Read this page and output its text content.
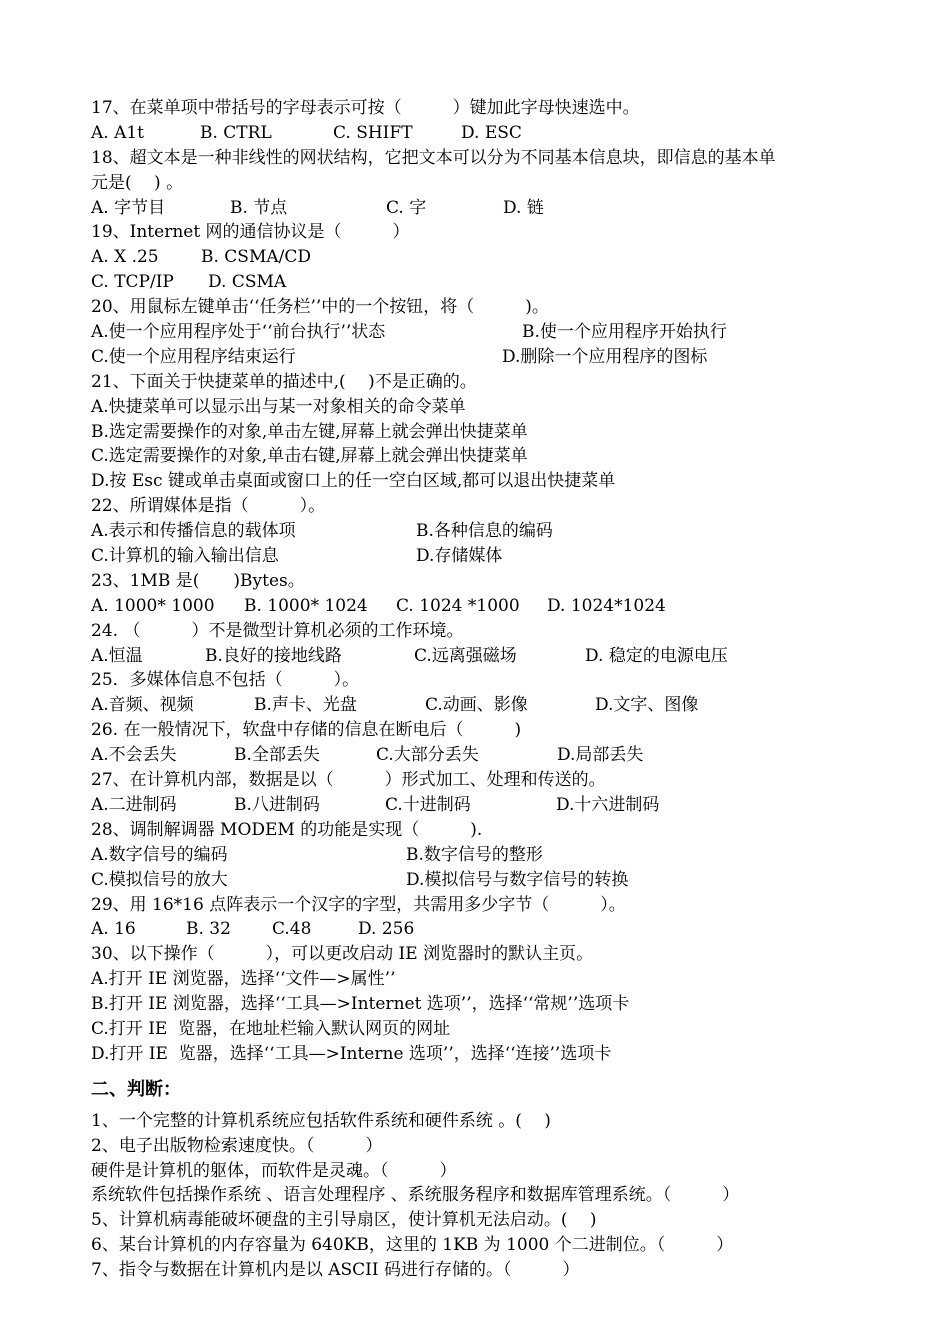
17、在菜单项中带括号的字母表示可按（　　　）键加此字母快速选中。
A. A1t	B. CTRL	C. SHIFT	D. ESC
18、超文本是一种非线性的网状结构，它把文本可以分为不同基本信息块，即信息的基本单
元是(　 ) 。
A. 字节目	B. 节点	C. 字	D. 链
19、Internet 网的通信协议是（　　　）
A. X .25	B. CSMA/CD
C. TCP/IP	D. CSMA
20、用鼠标左键单击‘‘任务栏’’中的一个按钮，将（　　　)。
A.使一个应用程序处于‘‘前台执行’’状态	B.使一个应用程序开始执行
C.使一个应用程序结束运行	D.删除一个应用程序的图标
21、下面关于快捷菜单的描述中,(　 )不是正确的。
A.快捷菜单可以显示出与某一对象相关的命令菜单
B.选定需要操作的对象,单击左键,屏幕上就会弹出快捷菜单
C.选定需要操作的对象,单击右键,屏幕上就会弹出快捷菜单
D.按 Esc 键或单击桌面或窗口上的任一空白区域,都可以退出快捷菜单
22、所谓媒体是指（　　　）。
A.表示和传播信息的载体项	B.各种信息的编码
C.计算机的输入输出信息	D.存储媒体
23、1MB 是(　　)Bytes。
A. 1000* 1000	B. 1000* 1024	C. 1024 *1000	D. 1024*1024
24. （　　　）不是微型计算机必须的工作环境。
A.恒温	B.良好的接地线路	C.远离强磁场	D. 稳定的电源电压
25．多媒体信息不包括（　　　）。
A.音频、视频	B.声卡、光盘	C.动画、影像	D.文字、图像
26. 在一般情况下，软盘中存储的信息在断电后（　　　)
A.不会丢失	B.全部丢失	C.大部分丢失	D.局部丢失
27、在计算机内部，数据是以（　　　）形式加工、处理和传送的。
A.二进制码	B.八进制码	C.十进制码	D.十六进制码
28、调制解调器 MODEM 的功能是实现（　　　).
A.数字信号的编码	B.数字信号的整形
C.模拟信号的放大	D.模拟信号与数字信号的转换
29、用 16*16 点阵表示一个汉字的字型，共需用多少字节（　　　）。
A. 16	B. 32	C.48	D. 256
30、以下操作（　　　），可以更改启动 IE 浏览器时的默认主页。
A.打开 IE 浏览器，选择‘‘文件—>属性’’
B.打开 IE 浏览器，选择‘‘工具—>Internet 选项’’，选择‘‘常规’’选项卡
C.打开 IE  览器，在地址栏输入默认网页的网址
D.打开 IE  览器，选择‘‘工具—>Interne 选项’’，选择‘‘连接’’选项卡
二、判断：
1、一个完整的计算机系统应包括软件系统和硬件系统 。(　 )
2、电子出版物检索速度快。（　　　）
硬件是计算机的躯体，而软件是灵魂。（　　　）
系统软件包括操作系统 、语言处理程序 、系统服务程序和数据库管理系统。（　　　）
5、计算机病毒能破坏硬盘的主引导扇区，使计算机无法启动。(　 )
6、某台计算机的内存容量为 640KB，这里的 1KB 为 1000 个二进制位。（　　　）
7、指令与数据在计算机内是以 ASCII 码进行存储的。（　　　）
